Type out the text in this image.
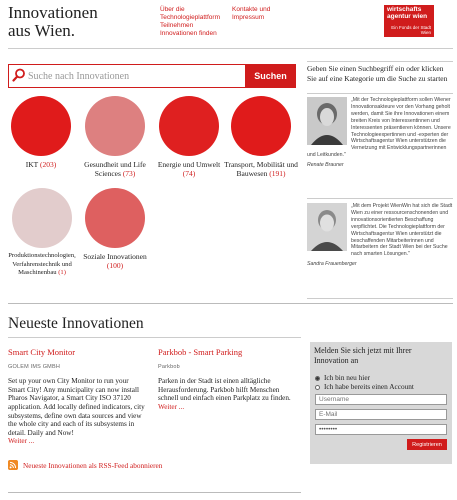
Innovationen
aus Wien.
Über die
Technologieplattform
Teilnehmen
Innovationen finden
Kontakte und
Impressum
wirtschafts agentur wien
Ein Fonds der Stadt Wien
Suche nach Innovationen
Suchen
IKT (203)	Gesundheit und Life Sciences (73)
Energie und Umwelt
(74)
Transport, Mobilität und Bauwesen (191)
Produktionstechnologien, Verfahrenstechnik und Maschinenbau (1)
Soziale Innovationen (100)
Geben Sie einen Suchbegriff ein oder klicken Sie auf eine Kategorie um die Suche zu starten
„Mit der Technologieplattform sollen Wiener Innovationsakteure vor den Vorhang geholt werden, damit Sie ihre Innovationen einem breiten Kreis von Interessentinnen und Interessenten präsentieren können. Unsere Technologieexpertinnen und -experten der Wirtschaftsagentur Wien unterstützen die Vernetzung mit Entwicklungspartnerinnen und Leitkunden."
Renate Brauner
„Mit dem Projekt WienWin hat sich die Stadt Wien zu einer ressourcenschonenden und innovationsorientierten Beschaffung verpflichtet. Die Technologieplattform der Wirtschaftsagentur Wien unterstützt die beschaffenden Mitarbeiterinnen und Mitarbeitern der Stadt Wien bei der Suche nach smarten Lösungen."
Sandra Frauenberger
Neueste Innovationen
Smart City Monitor
GOLEM IMS GMBH
Set up your own City Monitor to run your Smart City! Any municipality can now install Pharos Navigator, a Smart City ISO 37120 application. Add locally defined indicators, city subsystems, define own data sources and view the whole city and each of its subsystems in detail. Daily and Now!
Weiter ...
Parkbob - Smart Parking
Parkbob
Parken in der Stadt ist einen alltägliche Herausforderung. Parkbob hilft Menschen schnell und einfach einen Parkplatz zu finden.
Weiter ...
Neueste Innovationen als RSS-Feed abonnieren
Melden Sie sich jetzt mit Ihrer Innovation an
Ich bin neu hier
Ich habe bereits einen Account
Username
E-Mail
••••••••
Registrieren
